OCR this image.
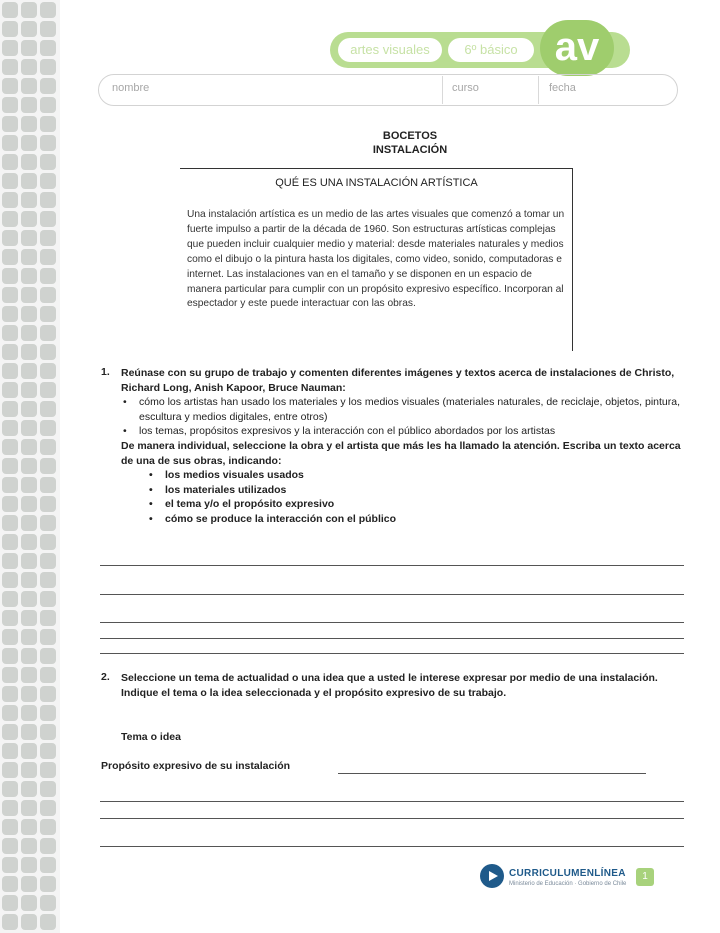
artes visuales	6º básico av
nombre	curso	fecha
BOCETOS
INSTALACIÓN
QUÉ ES UNA INSTALACIÓN ARTÍSTICA
Una instalación artística es un medio de las artes visuales que comenzó a tomar un fuerte impulso a partir de la década de 1960. Son estructuras artísticas complejas que pueden incluir cualquier medio y material: desde materiales naturales y medios como el dibujo o la pintura hasta los digitales, como video, sonido, computadoras e internet. Las instalaciones van en el tamaño y se disponen en un espacio de manera particular para cumplir con un propósito expresivo específico. Incorporan al espectador y este puede interactuar con las obras.
1. Reúnase con su grupo de trabajo y comenten diferentes imágenes y textos acerca de instalaciones de Christo, Richard Long, Anish Kapoor, Bruce Nauman:
• cómo los artistas han usado los materiales y los medios visuales (materiales naturales, de reciclaje, objetos, pintura, escultura y medios digitales, entre otros)
• los temas, propósitos expresivos y la interacción con el público abordados por los artistas
De manera individual, seleccione la obra y el artista que más les ha llamado la atención. Escriba un texto acerca de una de sus obras, indicando:
• los medios visuales usados
• los materiales utilizados
• el tema y/o el propósito expresivo
• cómo se produce la interacción con el público
2. Seleccione un tema de actualidad o una idea que a usted le interese expresar por medio de una instalación. Indique el tema o la idea seleccionada y el propósito expresivo de su trabajo.
Tema o idea
Propósito expresivo de su instalación
CURRICULUMENLÍNEA
Ministerio de Educación · Gobierno de Chile
1
